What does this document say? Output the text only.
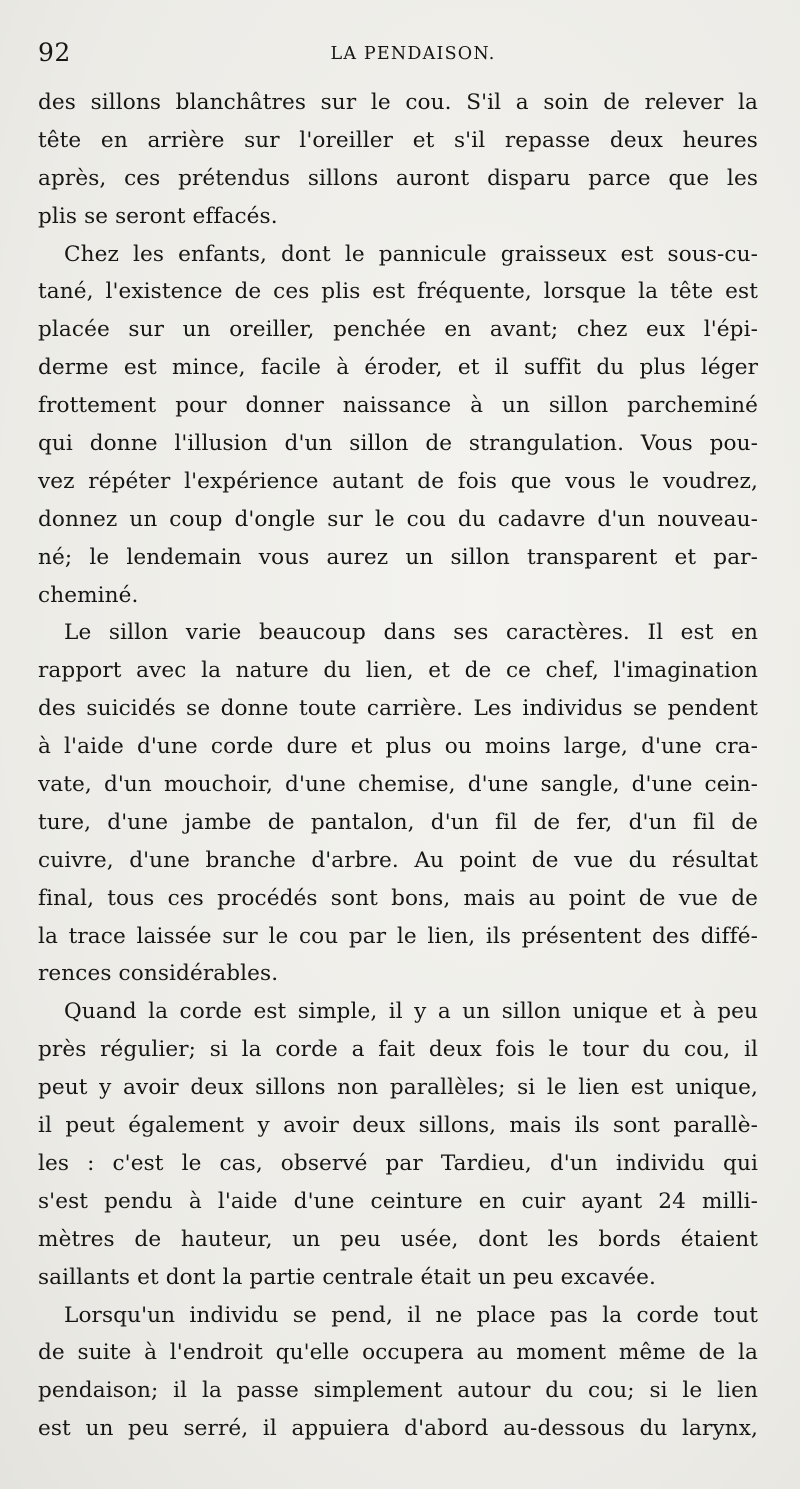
92	LA PENDAISON.
des sillons blanchâtres sur le cou. S'il a soin de relever la
tête en arrière sur l'oreiller et s'il repasse deux heures
après, ces prétendus sillons auront disparu parce que les
plis se seront effacés.
Chez les enfants, dont le pannicule graisseux est sous-cu-
tané, l'existence de ces plis est fréquente, lorsque la tête est
placée sur un oreiller, penchée en avant; chez eux l'épi-
derme est mince, facile à éroder, et il suffit du plus léger
frottement pour donner naissance à un sillon parcheminé
qui donne l'illusion d'un sillon de strangulation. Vous pou-
vez répéter l'expérience autant de fois que vous le voudrez,
donnez un coup d'ongle sur le cou du cadavre d'un nouveau-
né; le lendemain vous aurez un sillon transparent et par-
cheminé.
Le sillon varie beaucoup dans ses caractères. Il est en
rapport avec la nature du lien, et de ce chef, l'imagination
des suicidés se donne toute carrière. Les individus se pendent
à l'aide d'une corde dure et plus ou moins large, d'une cra-
vate, d'un mouchoir, d'une chemise, d'une sangle, d'une cein-
ture, d'une jambe de pantalon, d'un fil de fer, d'un fil de
cuivre, d'une branche d'arbre. Au point de vue du résultat
final, tous ces procédés sont bons, mais au point de vue de
la trace laissée sur le cou par le lien, ils présentent des diffé-
rences considérables.
Quand la corde est simple, il y a un sillon unique et à peu
près régulier; si la corde a fait deux fois le tour du cou, il
peut y avoir deux sillons non parallèles; si le lien est unique,
il peut également y avoir deux sillons, mais ils sont parallè-
les : c'est le cas, observé par Tardieu, d'un individu qui
s'est pendu à l'aide d'une ceinture en cuir ayant 24 milli-
mètres de hauteur, un peu usée, dont les bords étaient
saillants et dont la partie centrale était un peu excavée.
Lorsqu'un individu se pend, il ne place pas la corde tout
de suite à l'endroit qu'elle occupera au moment même de la
pendaison; il la passe simplement autour du cou; si le lien
est un peu serré, il appuiera d'abord au-dessous du larynx,
